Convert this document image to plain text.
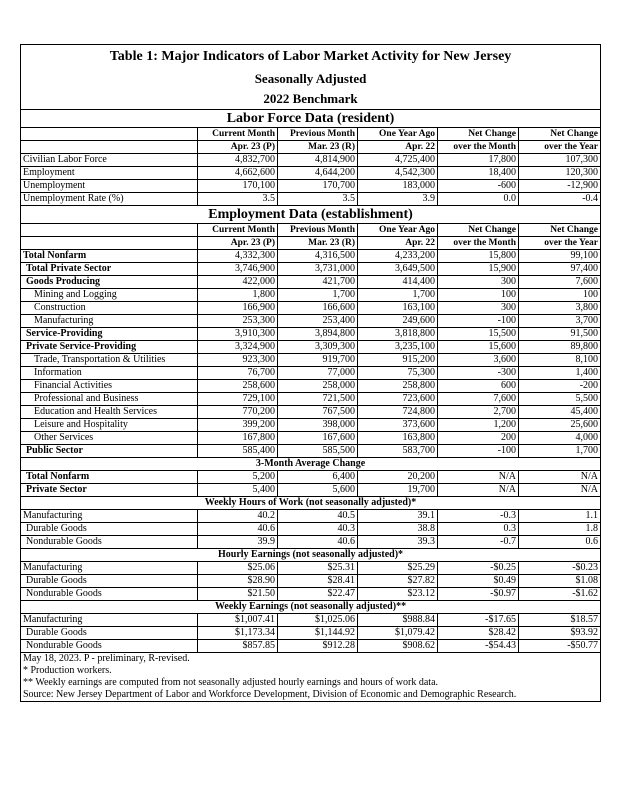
Table 1: Major Indicators of Labor Market Activity for New Jersey					
Seasonally Adjusted					
2022 Benchmark					
Labor Force Data (resident)					
	Current Month	Previous Month	One Year Ago	Net Change	Net Change
	Apr. 23 (P)	Mar. 23 (R)	Apr. 22	over the Month	over the Year
Civilian Labor Force	4,832,700	4,814,900	4,725,400	17,800	107,300
Employment	4,662,600	4,644,200	4,542,300	18,400	120,300
Unemployment	170,100	170,700	183,000	-600	-12,900
Unemployment Rate (%)	3.5	3.5	3.9	0.0	-0.4
Employment Data (establishment)					
	Current Month	Previous Month	One Year Ago	Net Change	Net Change
	Apr. 23 (P)	Mar. 23 (R)	Apr. 22	over the Month	over the Year
Total Nonfarm	4,332,300	4,316,500	4,233,200	15,800	99,100
Total Private Sector	3,746,900	3,731,000	3,649,500	15,900	97,400
Goods Producing	422,000	421,700	414,400	300	7,600
Mining and Logging	1,800	1,700	1,700	100	100
Construction	166,900	166,600	163,100	300	3,800
Manufacturing	253,300	253,400	249,600	-100	3,700
Service-Providing	3,910,300	3,894,800	3,818,800	15,500	91,500
Private Service-Providing	3,324,900	3,309,300	3,235,100	15,600	89,800
Trade, Transportation & Utilities	923,300	919,700	915,200	3,600	8,100
Information	76,700	77,000	75,300	-300	1,400
Financial Activities	258,600	258,000	258,800	600	-200
Professional and Business	729,100	721,500	723,600	7,600	5,500
Education and Health Services	770,200	767,500	724,800	2,700	45,400
Leisure and Hospitality	399,200	398,000	373,600	1,200	25,600
Other Services	167,800	167,600	163,800	200	4,000
Public Sector	585,400	585,500	583,700	-100	1,700
3-Month Average Change					
Total Nonfarm	5,200	6,400	20,200	N/A	N/A
Private Sector	5,400	5,600	19,700	N/A	N/A
Weekly Hours of Work (not seasonally adjusted)*					
Manufacturing	40.2	40.5	39.1	-0.3	1.1
Durable Goods	40.6	40.3	38.8	0.3	1.8
Nondurable Goods	39.9	40.6	39.3	-0.7	0.6
Hourly Earnings (not seasonally adjusted)*					
Manufacturing	$25.06	$25.31	$25.29	-$0.25	-$0.23
Durable Goods	$28.90	$28.41	$27.82	$0.49	$1.08
Nondurable Goods	$21.50	$22.47	$23.12	-$0.97	-$1.62
Weekly Earnings (not seasonally adjusted)**					
Manufacturing	$1,007.41	$1,025.06	$988.84	-$17.65	$18.57
Durable Goods	$1,173.34	$1,144.92	$1,079.42	$28.42	$93.92
Nondurable Goods	$857.85	$912.28	$908.62	-$54.43	-$50.77
May 18, 2023. P - preliminary, R-revised.					
* Production workers.					
** Weekly earnings are computed from not seasonally adjusted hourly earnings and hours of work data.					
Source: New Jersey Department of Labor and Workforce Development, Division of Economic and Demographic Research.					
